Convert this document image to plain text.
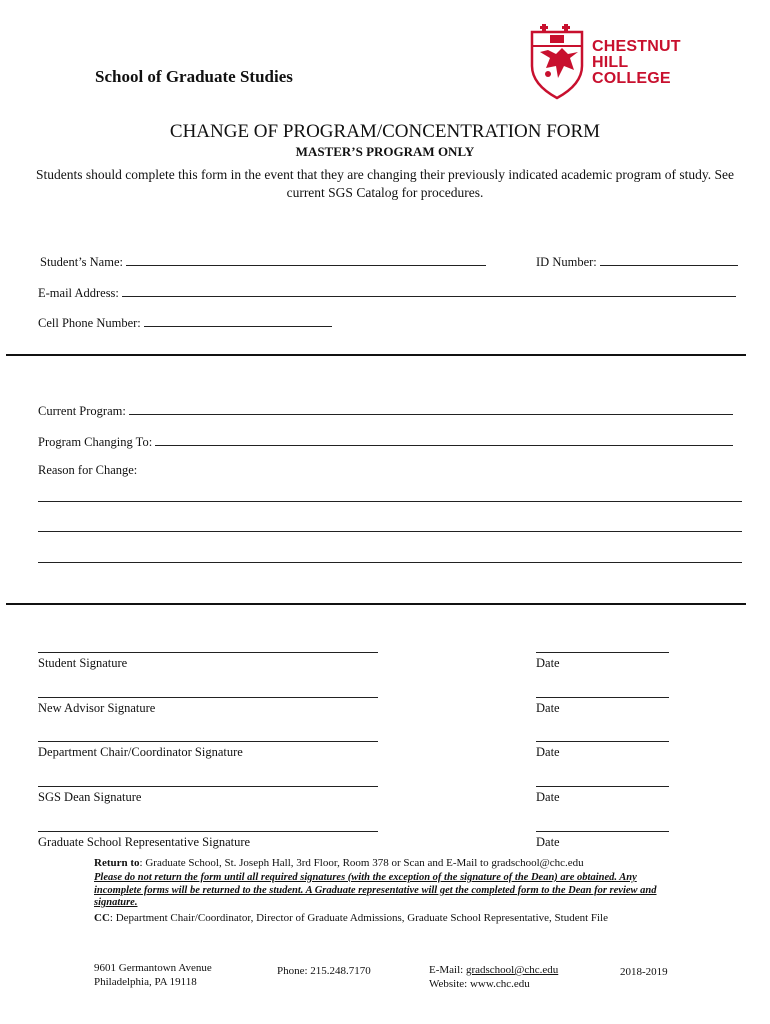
School of Graduate Studies
CHESTNUT
HILL
COLLEGE
CHANGE OF PROGRAM/CONCENTRATION FORM
MASTER’S PROGRAM ONLY
Students should complete this form in the event that they are changing their previously indicated academic program of study. See current SGS Catalog for procedures.
Student’s Name:	ID Number:
E-mail Address:
Cell Phone Number:
Current Program:
Program Changing To:
Reason for Change:
Student Signature	Date
New Advisor Signature	Date
Department Chair/Coordinator Signature	Date
SGS Dean Signature	Date
Graduate School Representative Signature	Date
Return to: Graduate School, St. Joseph Hall, 3rd Floor, Room 378 or Scan and E-Mail to gradschool@chc.edu
Please do not return the form until all required signatures (with the exception of the signature of the Dean) are obtained. Any incomplete forms will be returned to the student. A Graduate representative will get the completed form to the Dean for review and signature.
CC: Department Chair/Coordinator, Director of Graduate Admissions, Graduate School Representative, Student File
9601 Germantown Avenue
Philadelphia, PA 19118
Phone: 215.248.7170	E-Mail: gradschool@chc.edu
Website: www.chc.edu
2018-2019
